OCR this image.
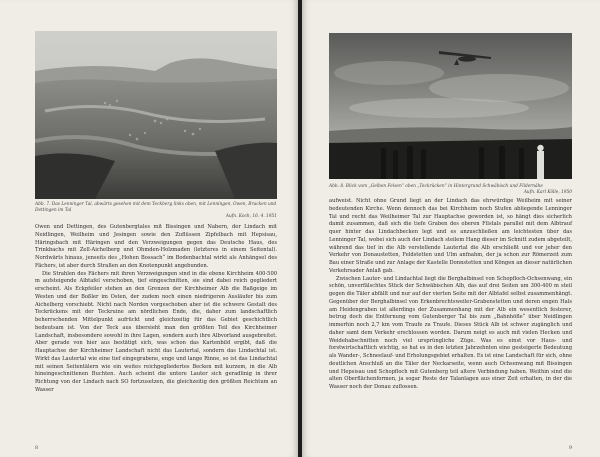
Abb. 7. Das Lenninger Tal, abwärts gesehen mit dem Teckberg links oben, mit Lenningen, Owen, Brucken und Dettingen im Tal
Aufn. Koch, 16. 4. 1951

Owen und Dettingen, des Gutenbergtales mit Bissingen und Nabern, der Lindach mit Neidlingen, Weilheim und Jesingen sowie den Zuflüssen Zipfelbach mit Hepsisau, Häringsbach mit Häringen und den Verzweigungen gegen das Deutsche Haus, des Trinkbachs mit Zell-Aichelberg und Ohmden-Holzmaden (letzteres in einem Seitental). Nordwärts hinaus, jenseits des „Hohen Bossach“ im Bodenbachtal wirkt als Anhängsel des Fächers, ist aber durch Straßen an den Knotenpunkt angebunden.

Die Strahlen des Fächers mit ihren Verzweigungen sind in die ebene Kirchheim 400-500 m aufsteigende Albtafel verschoben, tief eingeschnitten, sie sind dabei reich gegliedert erscheint. Als Eckpfeiler stehen an den Grenzen der Kirchheimer Alb die Baßgeige im Westen und der Boßler im Osten, der zudem noch einen niedrigeren Ausläufer bis zum Aichelberg vorschiebt. Nicht nach Norden vorgeschoben aber ist die schwere Gestalt des Teckrückens mit der Teckruine am nördlichen Ende, die, daher zum landschaftlich beherrschenden Mittelpunkt aufrückt und gleichzeitig für das Gebiet geschichtlich bedeutsam ist. Von der Teck aus übersieht man den größten Teil des Kirchheimer Landschaft, insbesondere sowohl in ihre Lagen, sondern auch ihre Albvorland ausgebreitet. Aber gerade von hier aus bestätigt sich, was schon das Kartenbild ergibt, daß die Hauptachse der Kirchheimer Landschaft nicht das Lautertal, sondern das Lindachtal ist. Wirkt das Lautertal wie eine tief eingegrabene, enge und lange Rinne, so ist das Lindachtal mit seinen Seitentälern wie ein weites reichgegliedertes Becken mit kurzem, in die Alb hineingeschnittenen Buchten. Auch scheint die untere Lauter sich geradlinig in ihrer Richtung von der Lindach nach SO fortzusetzen, die gleichzeitig den größten Reichtum an Wasser

8

Abb. 8. Blick vom „Gelben Felsen“ oben „Teckrücken“ in Hintergrund Schwäbisch und Fildernähe
Aufn. Karl Kölle, 1950

aufweist. Nicht ohne Grund liegt an der Lindach das ehrwürdige Weilheim mit seiner bedeutenden Kirche. Wenn dennoch das bei Kirchheim noch Stufen abliegende Lenninger Tal und recht das Weilheimer Tal zur Hauptachse geworden ist, so hängt dies sicherlich damit zusammen, daß sich die tiefe Graben des oberen Filstals parallel mit dem Albtrauf quer hinter das Lindachbecken legt und es anzuschließen am leichtesten über das Lenninger Tal, wobei sich auch der Lindach steilem Hang dieser im Schnitt zudem abgeteilt, während das tief in die Alb verstellende Lautertal die Alb erschließt und vor jeher den Verkehr von Donaustetten, Feldstetten und Ulm anfnahm, der ja schon zur Römerzeit zum Bau einer Straße und zur Anlage der Kastelle Donnstetten und Köngen an dieser natürlichen Verkehrsader Anlaß gab.

Zwischen Lauter- und Lindachtal liegt die Berghalbinsel von Schopfloch-Ochsenwang, ein schön, unverfälschtes Stück der Schwäbischen Alb, das auf drei Seiten um 300-400 m steil gegen die Täler abfällt und nur auf der vierten Seite mit der Albtafel selbst zusammenhängt. Gegenüber der Berghalbinsel von Erkenbrechtsweiler-Grabenstetten und deren engen Hals am Heidengraben ist allerdings der Zusammenhang mit der Alb ein wesentlich festerer, betrug doch die Entfernung vom Gutenberger Tal bis zum „Bahnhöfle“ über Neidlingen immerhin noch 2,7 km vom Traufe zu Traufe. Dieses Stück Alb ist schwer zugänglich und daher samt dem Verkehr erschlossen worden. Darum neigt es auch mit vielen Hecken und Weidehabschnitten noch viel ursprüngliche Züge. Was es einst vor Haus- und forstwirtschaftlich wichtig, so hat es in den letzten Jahrzehnten eine gesteigerte Bedeutung als Wander-, Schneelauf- und Erholungsgebiet erhalten. Es ist eine Landschaft für sich, ohne deutlichen Anschluß an die Täler der Neckarseite, wenn auch Ochsenwang mit Bissingen und Hepsisau und Schopfloch mit Gutenberg teil altere Verbindung haben. Weithin sind die alten Oberflächenformen, ja sogar Reste der Talanlagen aus einer Zeit erhalten, in der die Wasser noch der Donau zuflossen.

9
